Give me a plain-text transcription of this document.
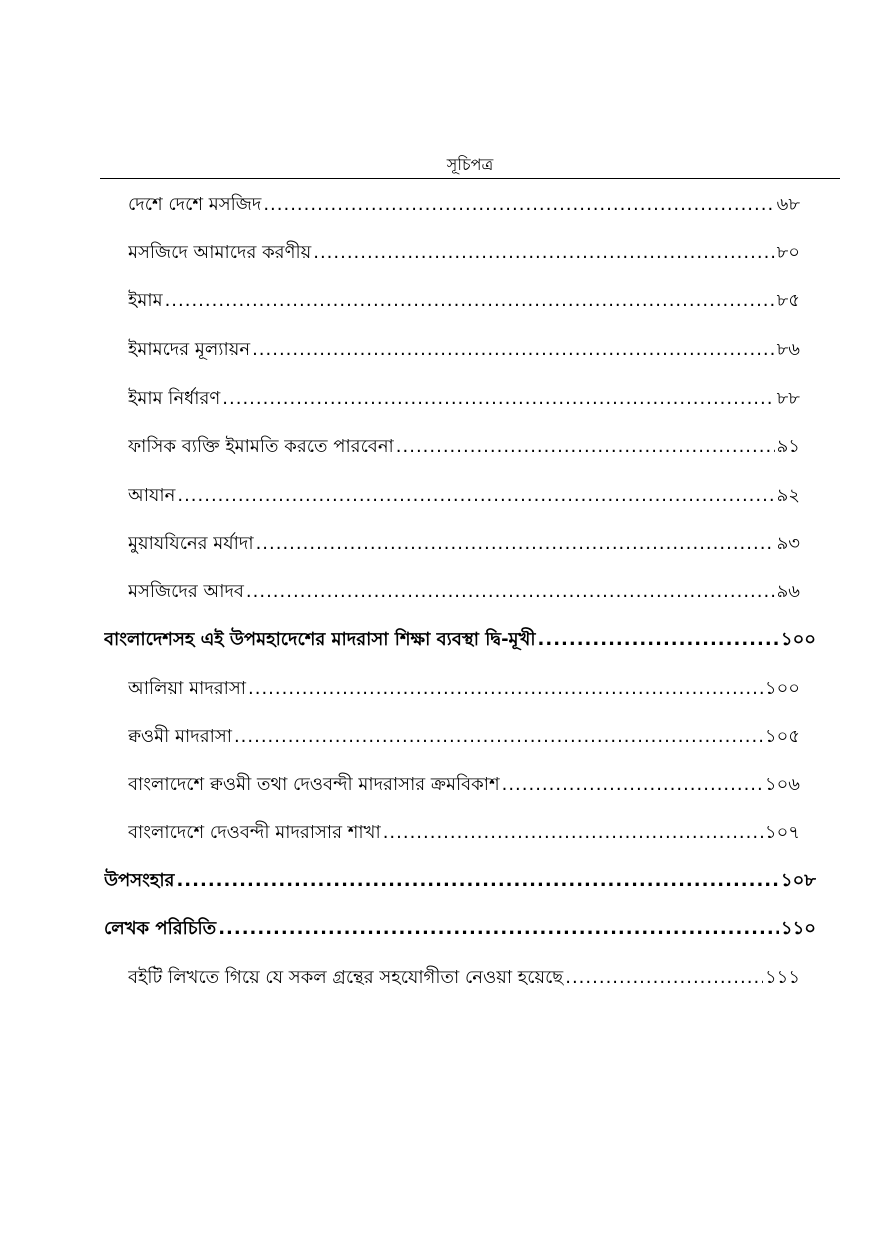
সূচিপত্র
দেশে দেশে মসজিদ .....	৬৮
মসজিদে আমাদের করণীয় .....	৮০
ইমাম .....	৮৫
ইমামদের মূল্যায়ন .....	৮৬
ইমাম নির্ধারণ .....	৮৮
ফাসিক ব্যক্তি ইমামতি করতে পারবেনা .....	৯১
আযান .....	৯২
মুয়াযযিনের মর্যাদা .....	৯৩
মসজিদের আদব .....	৯৬
বাংলাদেশসহ এই উপমহাদেশের মাদরাসা শিক্ষা ব্যবস্থা দ্বি-মূখী .....	১০০
আলিয়া মাদরাসা .....	১০০
ক্বওমী মাদরাসা .....	১০৫
বাংলাদেশে ক্বওমী তথা দেওবন্দী মাদরাসার ক্রমবিকাশ .....	১০৬
বাংলাদেশে দেওবন্দী মাদরাসার শাখা .....	১০৭
উপসংহার .....	১০৮
লেখক পরিচিতি .....	১১০
বইটি লিখতে গিয়ে যে সকল গ্রন্থের সহযোগীতা নেওয়া হয়েছে .....	১১১
